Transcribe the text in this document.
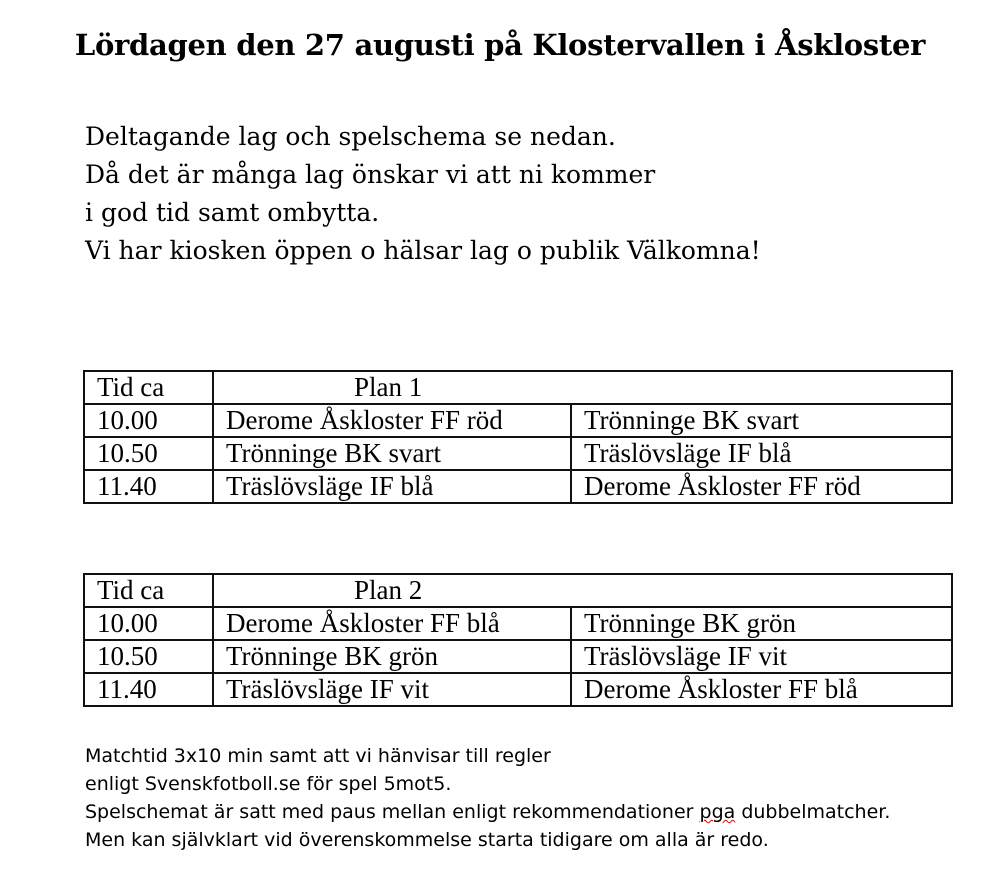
Lördagen den 27 augusti på Klostervallen i Åskloster
Deltagande lag och spelschema se nedan.
Då det är många lag önskar vi att ni kommer
i god tid samt ombytta.
Vi har kiosken öppen o hälsar lag o publik Välkomna!
Tid ca	Plan 1	
10.00	Derome Åskloster FF röd	Trönninge BK svart
10.50	Trönninge BK svart	Träslövsläge IF blå
11.40	Träslövsläge IF blå	Derome Åskloster FF röd
Tid ca	Plan 2	
10.00	Derome Åskloster FF blå	Trönninge BK grön
10.50	Trönninge BK grön	Träslövsläge IF vit
11.40	Träslövsläge IF vit	Derome Åskloster FF blå
Matchtid 3x10 min samt att vi hänvisar till regler
enligt Svenskfotboll.se för spel 5mot5.
Spelschemat är satt med paus mellan enligt rekommendationer pga dubbelmatcher.
Men kan självklart vid överenskommelse starta tidigare om alla är redo.
